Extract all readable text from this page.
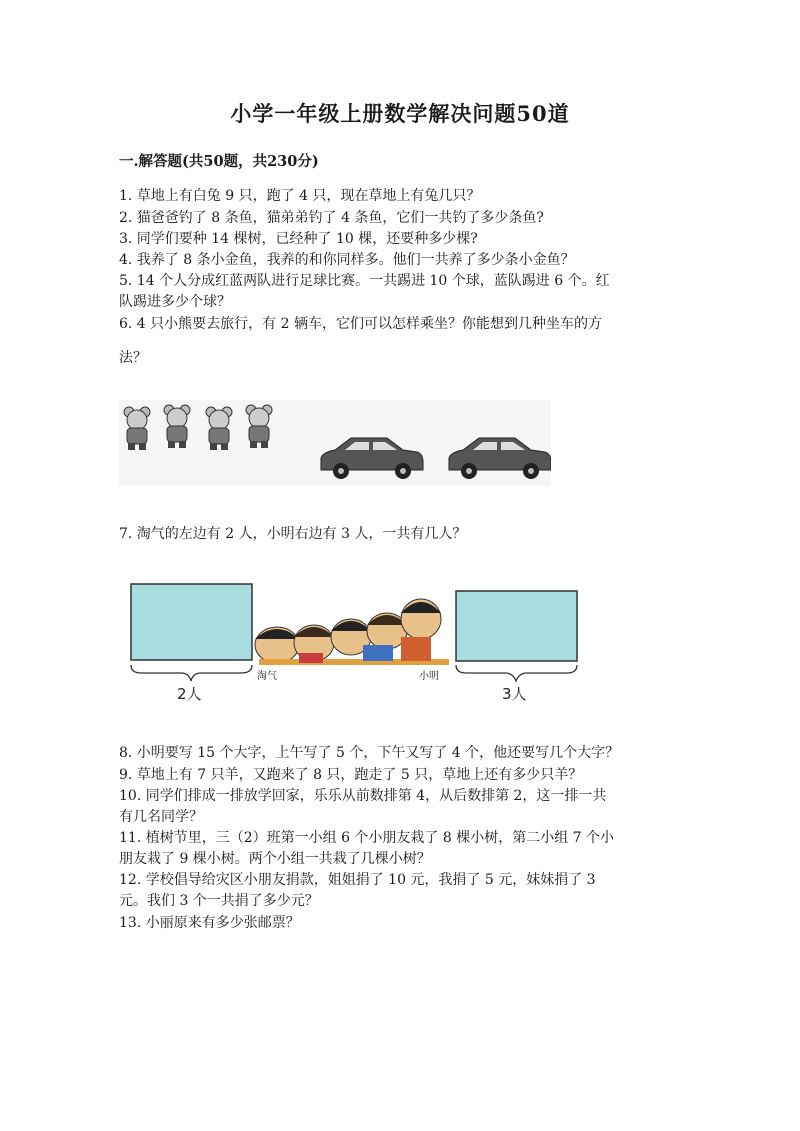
小学一年级上册数学解决问题50道
一.解答题(共50题，共230分)
1. 草地上有白兔 9 只，跑了 4 只，现在草地上有兔几只？
2. 猫爸爸钓了 8 条鱼，猫弟弟钓了 4 条鱼，它们一共钓了多少条鱼?
3. 同学们要种 14 棵树，已经种了 10 棵，还要种多少棵?
4. 我养了 8 条小金鱼，我养的和你同样多。他们一共养了多少条小金鱼？
5. 14 个人分成红蓝两队进行足球比赛。一共踢进 10 个球，蓝队踢进 6 个。红
队踢进多少个球？
6. 4 只小熊要去旅行，有 2 辆车，它们可以怎样乘坐？你能想到几种坐车的方
法？
7. 淘气的左边有 2 人，小明右边有 3 人，一共有几人？
淘气	小明
2人	3人
8. 小明要写 15 个大字，上午写了 5 个，下午又写了 4 个，他还要写几个大字？
9. 草地上有 7 只羊，又跑来了 8 只，跑走了 5 只，草地上还有多少只羊？
10. 同学们排成一排放学回家，乐乐从前数排第 4，从后数排第 2，这一排一共
有几名同学？
11. 植树节里，三（2）班第一小组 6 个小朋友栽了 8 棵小树，第二小组 7 个小
朋友栽了 9 棵小树。两个小组一共栽了几棵小树？
12. 学校倡导给灾区小朋友捐款，姐姐捐了 10 元，我捐了 5 元，妹妹捐了 3
元。我们 3 个一共捐了多少元？
13. 小丽原来有多少张邮票？
